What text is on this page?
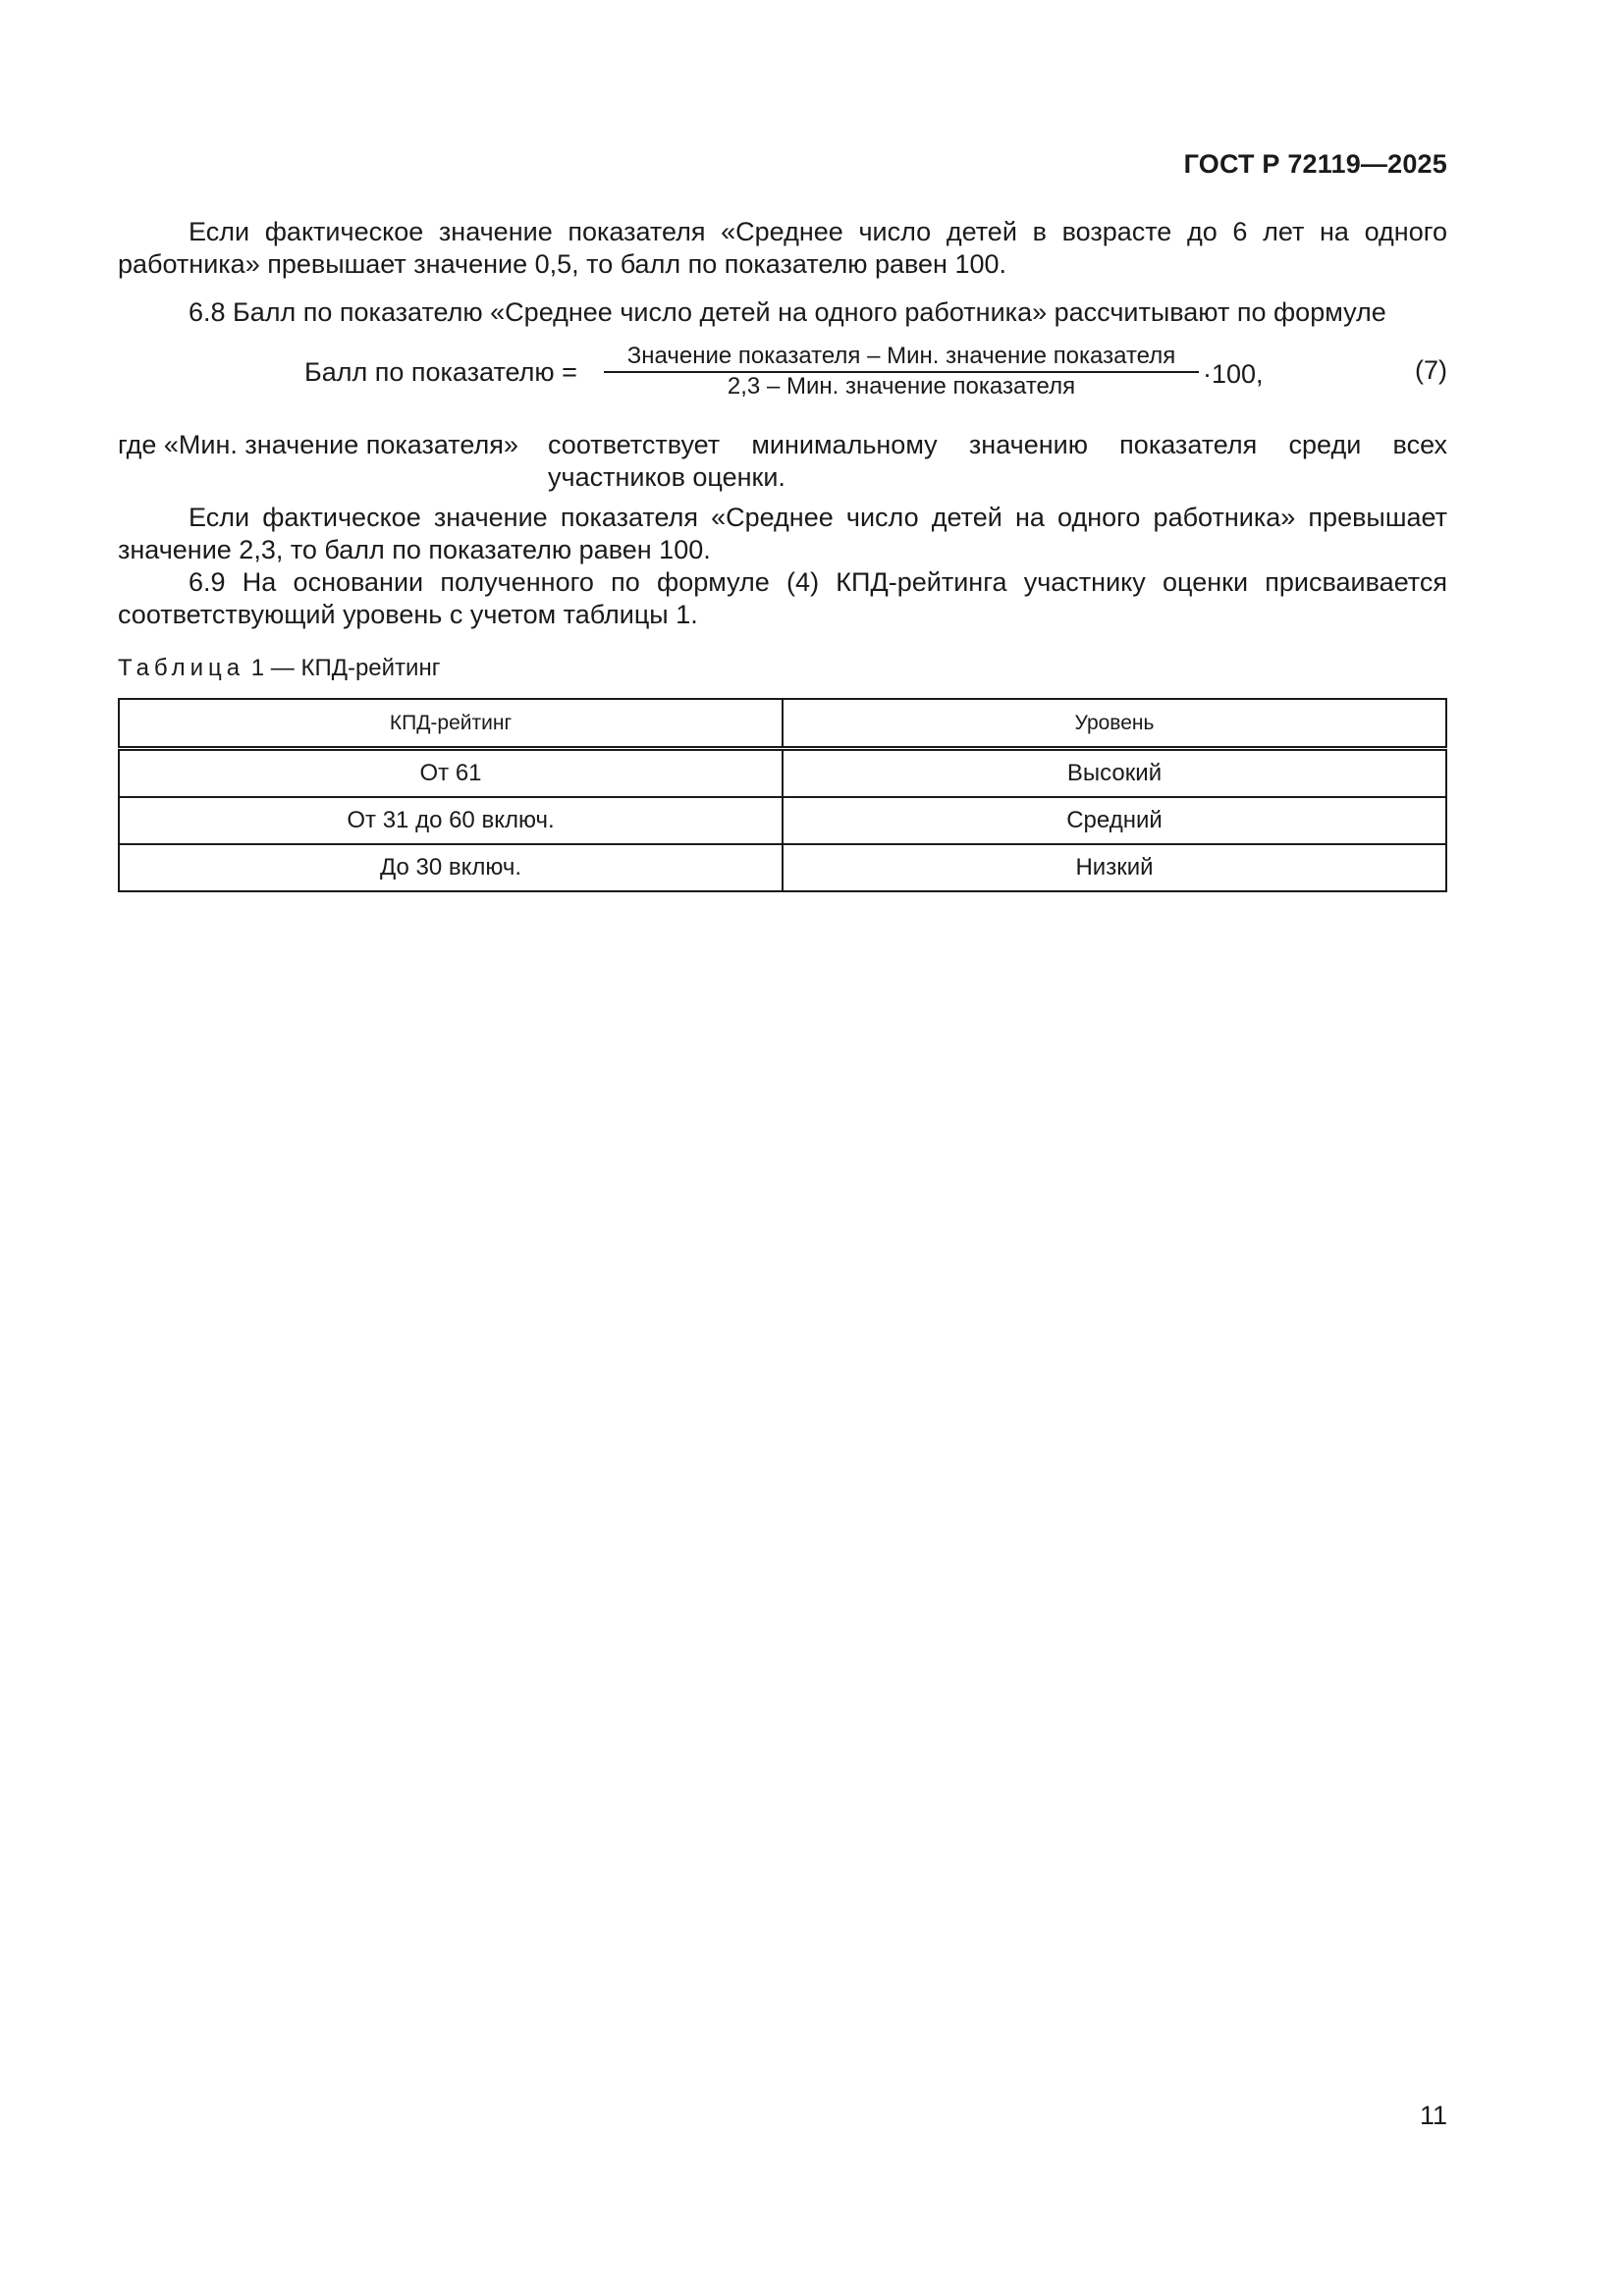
ГОСТ Р 72119—2025

Если фактическое значение показателя «Среднее число детей в возрасте до 6 лет на одного работника» превышает значение 0,5, то балл по показателю равен 100.

6.8 Балл по показателю «Среднее число детей на одного работника» рассчитывают по формуле

Балл по показателю =
Значение показателя – Мин. значение показателя
2,3 – Мин. значение показателя	·100,	(7)
где «Мин. значение показателя» соответствует минимальному значению показателя среди всех участников оценки.

Если фактическое значение показателя «Среднее число детей на одного работника» превышает значение 2,3, то балл по показателю равен 100.

6.9 На основании полученного по формуле (4) КПД-рейтинга участнику оценки присваивается соответствующий уровень с учетом таблицы 1.

Таблица 1 — КПД-рейтинг
КПД-рейтинг	Уровень
От 61	Высокий
От 31 до 60 включ.	Средний
До 30 включ.	Низкий
11
